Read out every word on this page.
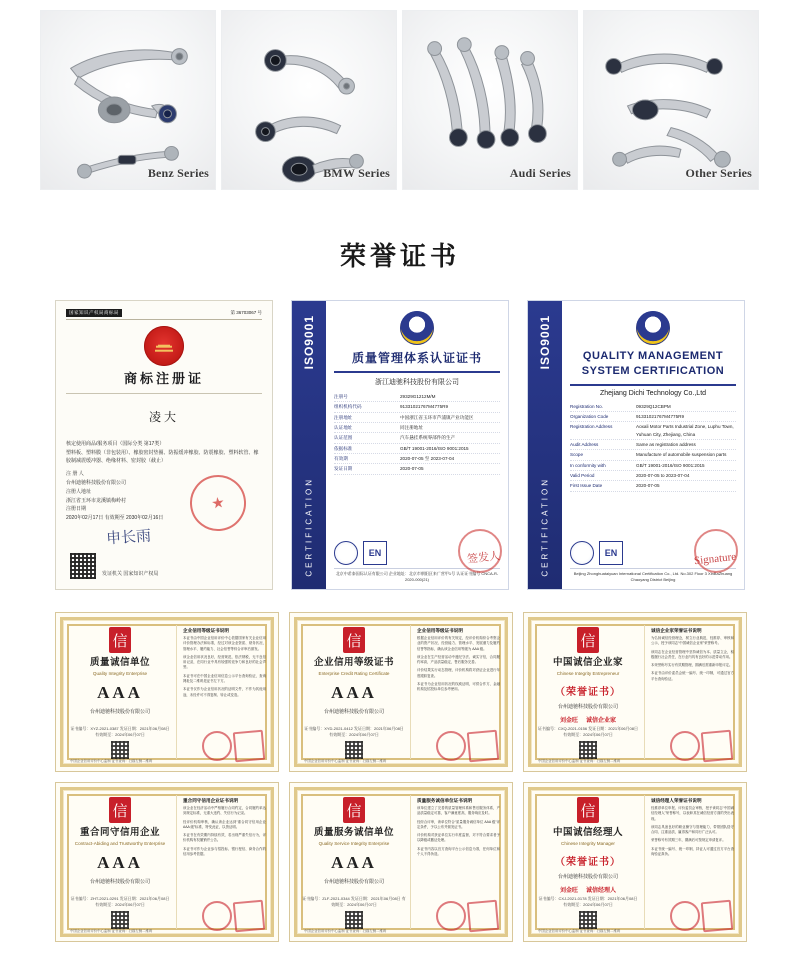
Benz Series	BMW Series	Audi Series	Other Series
荣誉证书
国家知识产权局商标局	第 36703067 号
商标注册证
凌大
核定使用商品/服务项目（国际分类 第17类）
塑料板、塑料膜（非包装用）、橡胶密封垫圈、防振缓冲橡胶、防震橡胶、塑料软管、橡胶制减震缓冲器、绝缘材料、密封胶（截止）
注 册 人
台州迪驰科技股份有限公司
注册人地址
浙江省玉环市龙溪镇梅岭村
注册日期
2020年02月17日 有效期至 2030年02月16日
申长雨
发证机关 国家知识产权局
ISO9001
CERTIFICATION
质量管理体系认证证书
浙江迪驰科技股份有限公司
注册号	29329G1212M/M
组织机构代码	91331021767M4775R9
注册地址	中国浙江省玉环市芦浦镇产业功能区
认证地址	同注册地址
认证范围	汽车悬挂系统零部件的生产
依据标准	GB/T 19001-2016/ISO 9001:2015
有效期	2020-07-05 至 2023-07-04
发证日期	2020-07-05
EN	签发人
北京中希泰国际认证有限公司 企业地址：北京市朝阳区来广营甲1号 认证证书编号 CNCA-R-2020-000(21)
ISO9001
CERTIFICATION
QUALITY MANAGEMENT SYSTEM CERTIFICATION
Zhejiang Dichi Technology Co.,Ltd
Registration No.	09329Q12CBPM
Organization Code	91331021767M4775R9
Registration Address	Aoxali Motor Parts Industrial Zone, Luphu Town, Yuhuan City, Zhejiang, China
Audit Address	Same as registration address
Scope	Manufacture of automobile suspension parts
In conformity with	GB/T 19001-2016/ISO 9001:2015
Valid Period	2020-07-05 to 2023-07-04
First Issue Date	2020-07-05
EN	Signature
Beijing Zhonghuataiyuan International Certification Co., Ltd. No.302 Floor 3 XinBaZhuang Chaoyang District Beijing
信
质量诚信单位
Quality Integrity Enterprise
AAA
台州迪驰科技股份有限公司
证书编号：XYZ-2021-0387 发证日期：2021年06月08日 有效期至：2024年06月07日
企业信用等级证书说明

本证书由中国企业信用评价中心依据国家有关企业信用评价管理办法和标准，经过对该企业资质、财务状况、管理水平、履约能力、社会信誉等综合评审后颁发。

该企业信用状况良好，经营规范，依法纳税，无不良信用记录，在同行业中具有较强的竞争力和良好的社会声誉。

本证书可在中国企业信用信息公示平台查询验证，查询网址及二维码见证书左下方。

本证书仅作为企业信用状况的证明文件，不作为其他用途，未经许可不得复制、转让或变造。

中国企业信用评价中心监制 证书查询：扫描左侧二维码
信
企业信用等级证书
Enterprise Credit Rating Certificate
AAA
台州迪驰科技股份有限公司
证书编号：XYD-2021-0412 发证日期：2021年06月08日 有效期至：2024年06月07日
企业信用等级证书说明

根据企业信用评价的有关规定，经评价机构综合考察企业的资产状况、经营能力、管理水平、发展潜力及履约信誉等指标，确认该企业信用等级为 AAA 级。

该企业在生产经营活动中遵纪守法、诚实守信，合同履约率高，产品质量稳定，售后服务完善。

评价结果实行动态管理，评价机构将对获证企业进行年度跟踪复查。

本证书为企业信用状况的权威证明，可供合作方、金融机构及招投标单位参考使用。

中国企业信用评价中心监制 证书查询：扫描左侧二维码
信
中国诚信企业家
Chinese Integrity Entrepreneur
（荣誉证书）
台州迪驰科技股份有限公司
刘金旺 诚信企业家
证书编号：CXQ-2021-0156 发证日期：2021年06月08日 有效期至：2024年06月07日
诚信企业家荣誉证书说明

为弘扬诚信经营理念，树立行业典范，经推荐、审核和公示，授予该同志“中国诚信企业家”荣誉称号。

该同志在企业经营管理中坚持诚信为本、质量立企，积极履行社会责任，在行业内具有良好的示范带动作用。

本荣誉称号实行有效期管理，期满后需重新申报评定。

本证书由评价委员会统一编号、统一印制，可通过官方平台查询验证。

中国企业信用评价中心监制 证书查询：扫描左侧二维码
信
重合同守信用企业
Contract-Abiding and Trustworthy Enterprise
AAA
台州迪驰科技股份有限公司
证书编号：ZHT-2021-0291 发证日期：2021年06月08日 有效期至：2024年06月07日
重合同守信用企业证书说明

该企业在经济活动中严格履行合同约定，合同履约率达到规定标准，无重大违约、失信行为记录。

经评价机构审核，确认该企业达到“重合同守信用企业 AAA 级”标准，特发此证，以资证明。

本证书在有效期内持续有效，若出现严重失信行为，评价机构有权撤销并公告。

本证书可作为企业参与招投标、银行授信、商务合作的信用参考依据。

中国企业信用评价中心监制 证书查询：扫描左侧二维码
信
质量服务诚信单位
Quality Service Integrity Enterprise
AAA
台州迪驰科技股份有限公司
证书编号：ZLF-2021-0344 发证日期：2021年06月08日 有效期至：2024年06月07日
质量服务诚信单位证书说明

该单位建立了完善的质量管理体系和售后服务体系，产品质量稳定可靠，客户满意度高，服务响应及时。

经综合评审，该单位符合“质量服务诚信单位 AAA 级”评定条件，予以公布并颁发证书。

评价机构对获证单位实行年度监督，对不符合要求者予以降级或撤证处理。

本证书内容以官方查询平台公示信息为准，任何单位和个人不得伪造。

中国企业信用评价中心监制 证书查询：扫描左侧二维码
信
中国诚信经理人
Chinese Integrity Manager
（荣誉证书）
台州迪驰科技股份有限公司
刘金旺 诚信经理人
证书编号：CXJ-2021-0178 发证日期：2021年06月08日 有效期至：2024年06月07日
诚信经理人荣誉证书说明

经推荐单位申报、评价委员会审核，授予该同志“中国诚信经理人”荣誉称号，以表彰其在诚信经营方面的突出表现。

该同志具备良好的职业操守与管理能力，带领团队恪守合同、注重品质，赢得客户和同行广泛认可。

荣誉称号有效期三年，期满后可按规定申请复评。

本证书统一编号、统一印制，持证人可通过官方平台查询验证真伪。

中国企业信用评价中心监制 证书查询：扫描左侧二维码
